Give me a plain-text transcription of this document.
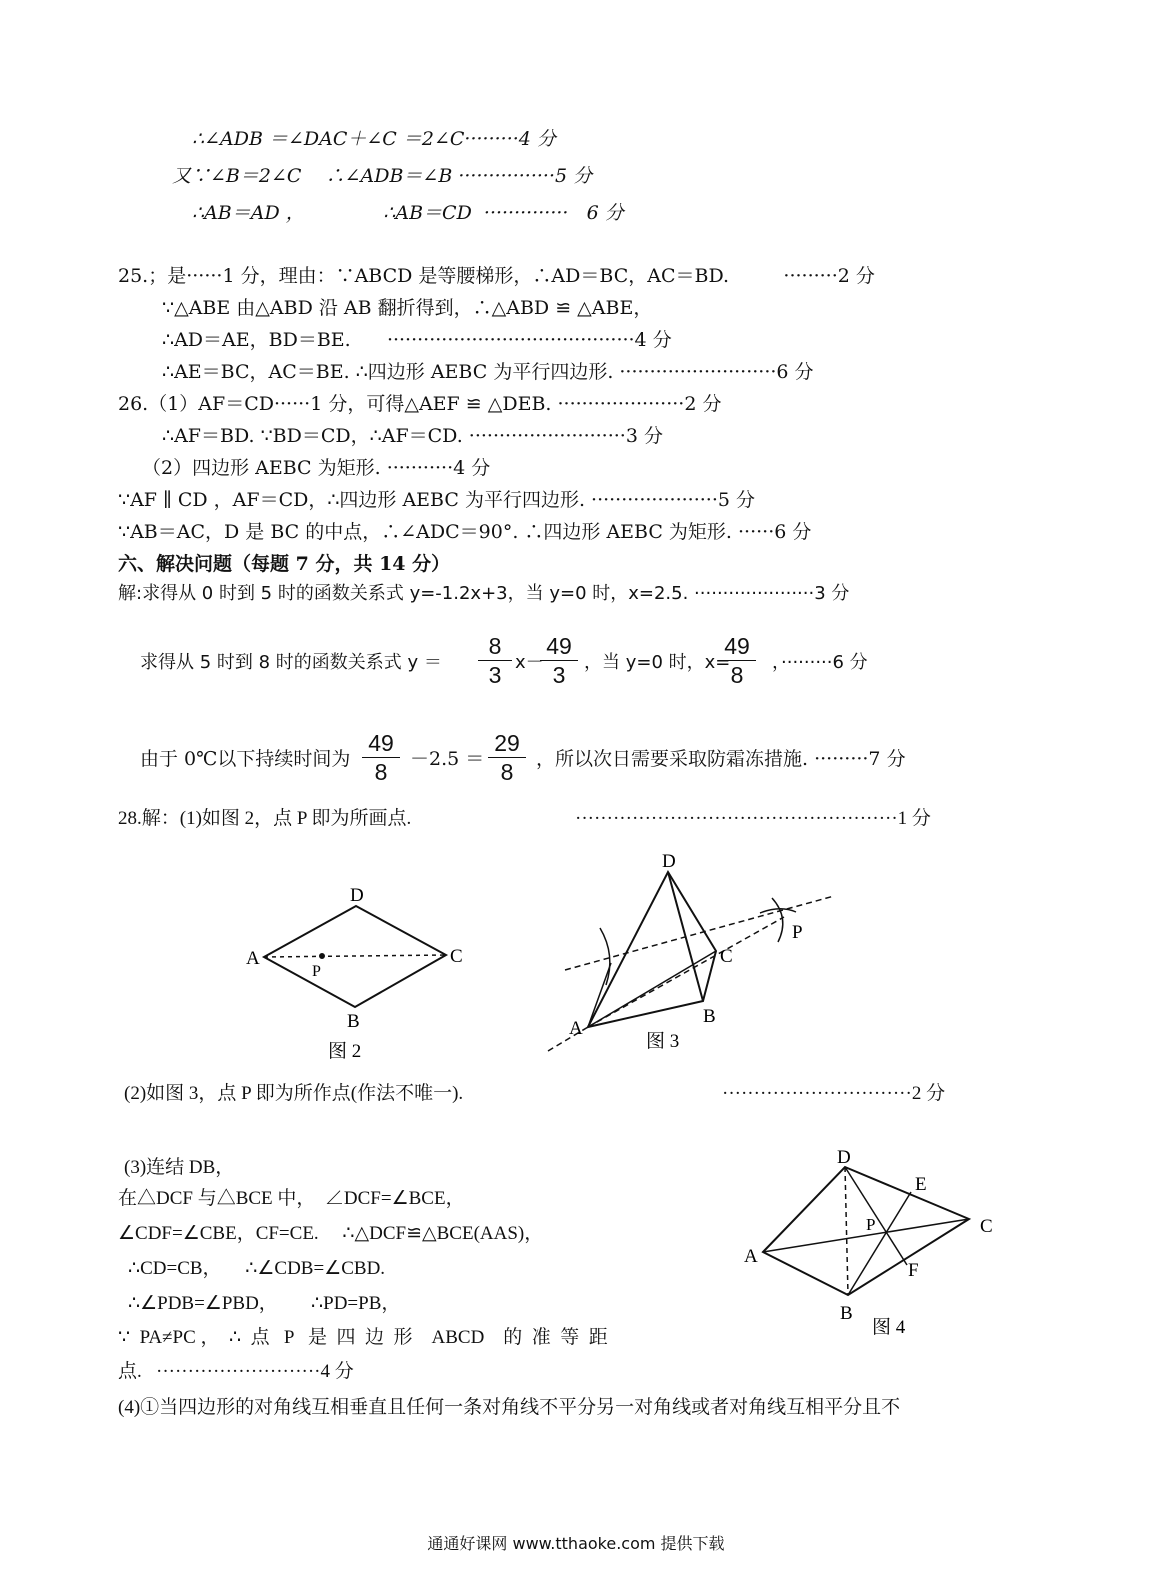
∴∠ADB ＝∠DAC＋∠C ＝2∠C·········4 分
又∵∠B＝2∠C    ∴∠ADB＝∠B ················5 分
∴AB＝AD ，             ∴AB＝CD  ··············   6 分
25.；是······1 分，理由：∵ABCD 是等腰梯形，∴AD＝BC，AC＝BD.         ·········2 分
∵△ABE 由△ABD 沿 AB 翻折得到，∴△ABD ≌ △ABE，
∴AD＝AE，BD＝BE.      ·········································4 分
∴AE＝BC，AC＝BE. ∴四边形 AEBC 为平行四边形. ··························6 分
26.（1）AF＝CD······1 分，可得△AEF ≌ △DEB. ·····················2 分
∴AF＝BD. ∵BD＝CD，∴AF＝CD. ··························3 分
（2）四边形 AEBC 为矩形. ···········4 分
∵AF ∥ CD ，AF＝CD，∴四边形 AEBC 为平行四边形. ·····················5 分
∵AB＝AC，D 是 BC 的中点，∴∠ADC＝90°. ∴四边形 AEBC 为矩形. ······6 分
六、解决问题（每题 7 分，共 14 分）
解:求得从 0 时到 5 时的函数关系式 y=-1.2x+3，当 y=0 时，x=2.5. ·····················3 分
求得从 5 时到 8 时的函数关系式 y ＝
8
3 x－
49
3	，当 y=0 时，x=
49
8	，·········6 分
由于 0℃以下持续时间为
49
8	－2.5 ＝
29
8	，所以次日需要采取防霜冻措施. ·········7 分
28.解：(1)如图 2，点 P 即为所画点.	···················································1 分
(2)如图 3，点 P 即为所作点(作法不唯一).	······························2 分
(3)连结 DB，
在△DCF 与△BCE 中，  ∠DCF=∠BCE，
∠CDF=∠CBE，CF=CE.     ∴△DCF≌△BCE(AAS)，
∴CD=CB，     ∴∠CDB=∠CBD.
∴∠PDB=∠PBD，       ∴PD=PB，
∵  PA≠PC ，  ∴  点   P   是  四  边  形    ABCD    的  准  等  距
点.   ··························4 分
(4)①当四边形的对角线互相垂直且任何一条对角线不平分另一对角线或者对角线互相平分且不
A
D
C
B
P
图 2
D
C
B
A
P
图 3
D
E
C
P
A
F
B
图 4
通通好课网 www.tthaoke.com 提供下载
